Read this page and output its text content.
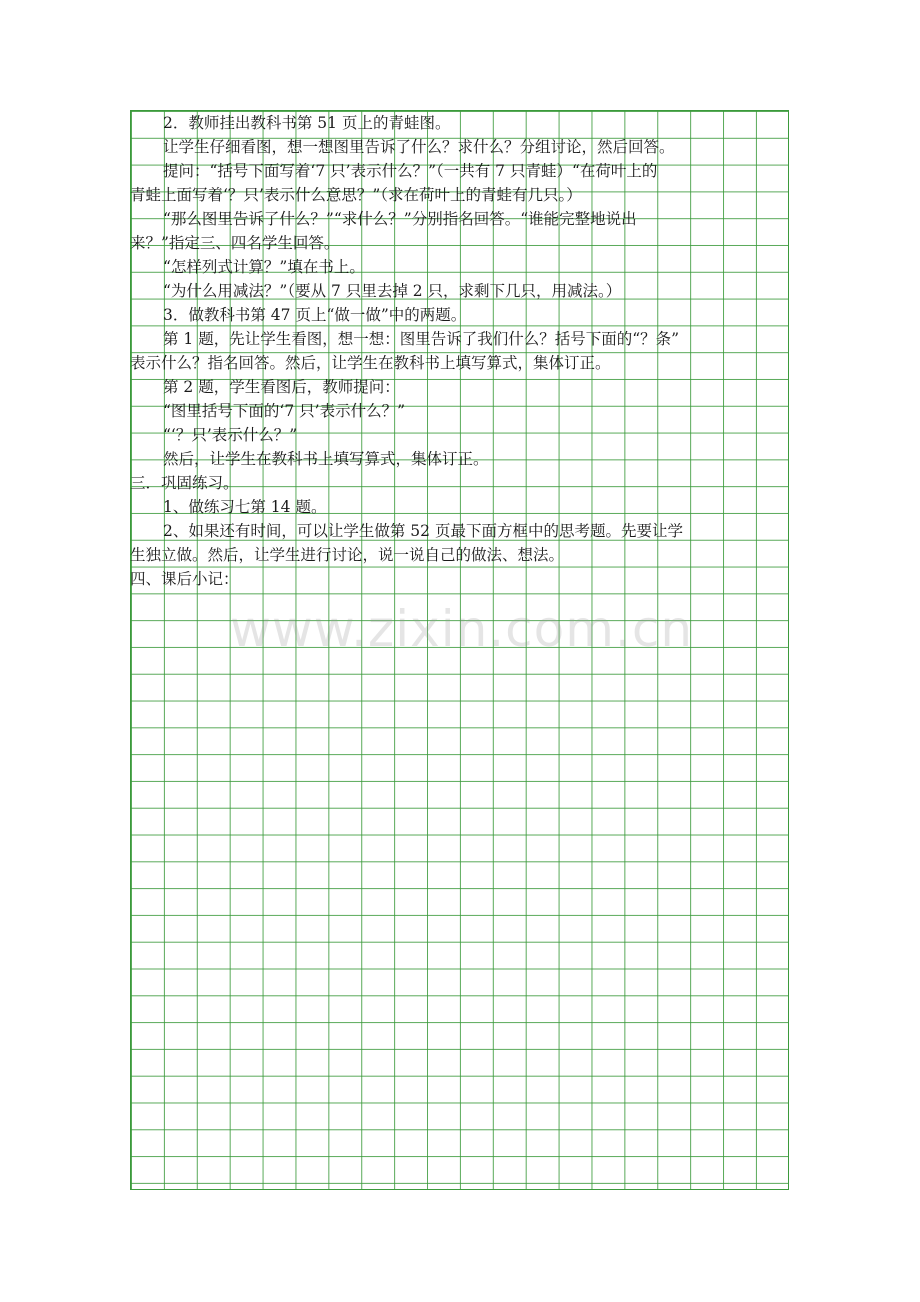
2．教师挂出教科书第 51 页上的青蛙图。
让学生仔细看图，想一想图里告诉了什么？求什么？分组讨论，然后回答。
提问：“括号下面写着‘7 只’表示什么？”（一共有 7 只青蛙）“在荷叶上的
青蛙上面写着‘？只’表示什么意思？”（求在荷叶上的青蛙有几只。）
“那么图里告诉了什么？”“求什么？”分别指名回答。“谁能完整地说出
来？”指定三、四名学生回答。
“怎样列式计算？”填在书上。
“为什么用减法？”（要从 7 只里去掉 2 只，求剩下几只，用减法。）
3．做教科书第 47 页上“做一做”中的两题。
第 1 题，先让学生看图，想一想：图里告诉了我们什么？括号下面的“？条”
表示什么？指名回答。然后，让学生在教科书上填写算式，集体订正。
第 2 题，学生看图后，教师提问：
“图里括号下面的‘7 只’表示什么？”
“‘？只’表示什么？”
然后，让学生在教科书上填写算式，集体订正。
三．巩固练习。
1、做练习七第 14 题。
2、如果还有时间，可以让学生做第 52 页最下面方框中的思考题。先要让学
生独立做。然后，让学生进行讨论，说一说自己的做法、想法。
四、课后小记：
www.zixin.com.cn
